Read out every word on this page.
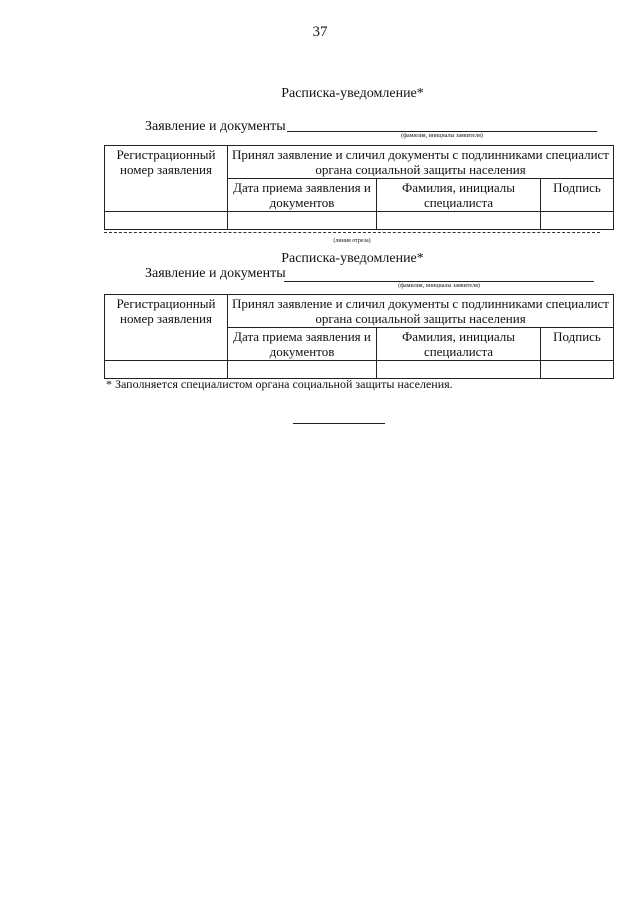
37
Расписка-уведомление*
Заявление и документы
(фамилия, инициалы заявителя)
Регистрационный номер заявления	Принял заявление и сличил документы с подлинниками специалист органа социальной защиты населения		
	Дата приема заявления и документов	Фамилия, инициалы специалиста	Подпись

(линия отреза)
Расписка-уведомление*
Заявление и документы
(фамилия, инициалы заявителя)
Регистрационный номер заявления	Принял заявление и сличил документы с подлинниками специалист органа социальной защиты населения		
	Дата приема заявления и документов	Фамилия, инициалы специалиста	Подпись

* Заполняется специалистом органа социальной защиты населения.
